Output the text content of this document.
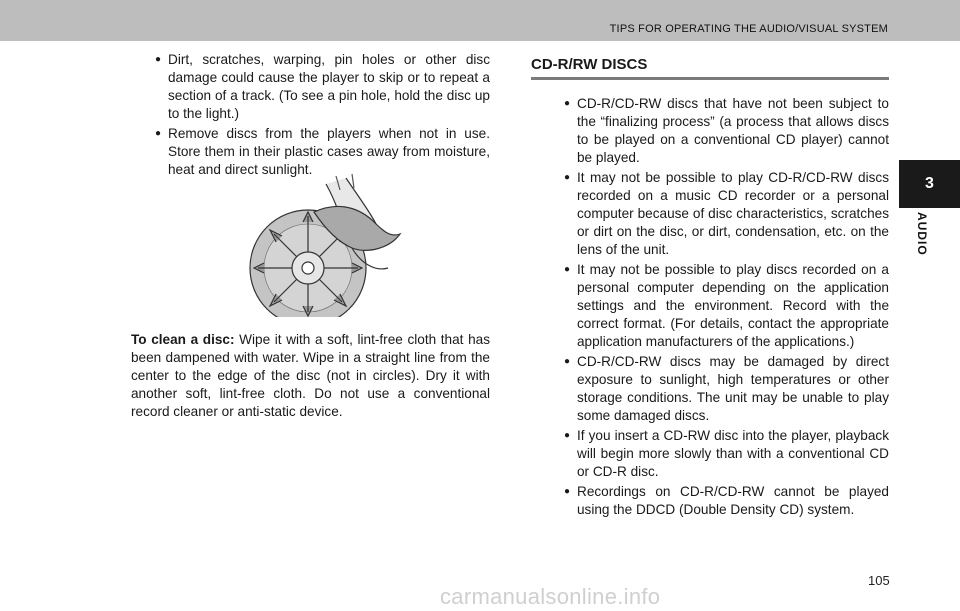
TIPS FOR OPERATING THE AUDIO/VISUAL SYSTEM
3
AUDIO
● Dirt, scratches, warping, pin holes or other disc damage could cause the player to skip or to repeat a section of a track. (To see a pin hole, hold the disc up to the light.)
● Remove discs from the players when not in use. Store them in their plastic cases away from moisture, heat and direct sunlight.

To clean a disc: Wipe it with a soft, lint-free cloth that has been dampened with water. Wipe in a straight line from the center to the edge of the disc (not in circles). Dry it with another soft, lint-free cloth. Do not use a conventional record cleaner or anti-static device.

CD-R/RW DISCS
● CD-R/CD-RW discs that have not been subject to the “finalizing process” (a process that allows discs to be played on a conventional CD player) cannot be played.
● It may not be possible to play CD-R/CD-RW discs recorded on a music CD recorder or a personal computer because of disc characteristics, scratches or dirt on the disc, or dirt, condensation, etc. on the lens of the unit.
● It may not be possible to play discs recorded on a personal computer depending on the application settings and the environment. Record with the correct format. (For details, contact the appropriate application manufacturers of the applications.)
● CD-R/CD-RW discs may be damaged by direct exposure to sunlight, high temperatures or other storage conditions. The unit may be unable to play some damaged discs.
● If you insert a CD-RW disc into the player, playback will begin more slowly than with a conventional CD or CD-R disc.
● Recordings on CD-R/CD-RW cannot be played using the DDCD (Double Density CD) system.
105
carmanualsonline.info
